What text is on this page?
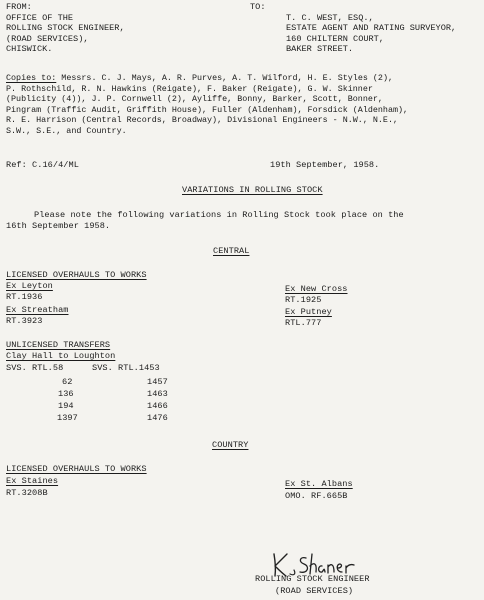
FROM:
OFFICE OF THE
ROLLING STOCK ENGINEER,
(ROAD SERVICES),
CHISWICK.
TO:
T. C. WEST, ESQ.,
ESTATE AGENT AND RATING SURVEYOR,
160 CHILTERN COURT,
BAKER STREET.
Copies to: Messrs. C. J. Mays, A. R. Purves, A. T. Wilford, H. E. Styles (2),
P. Rothschild, R. N. Hawkins (Reigate), F. Baker (Reigate), G. W. Skinner
(Publicity (4)), J. P. Cornwell (2), Ayliffe, Bonny, Barker, Scott, Bonner,
Pingram (Traffic Audit, Griffith House), Fuller (Aldenham), Forsdick (Aldenham),
R. E. Harrison (Central Records, Broadway), Divisional Engineers - N.W., N.E.,
S.W., S.E., and Country.
Ref: C.16/4/ML	19th September, 1958.
VARIATIONS IN ROLLING STOCK
Please note the following variations in Rolling Stock took place on the
16th September 1958.
CENTRAL
LICENSED OVERHAULS TO WORKS
Ex Leyton
RT.1936
Ex Streatham
RT.3923
Ex New Cross
RT.1925
Ex Putney
RTL.777
UNLICENSED TRANSFERS
Clay Hall to Loughton
SVS. RTL.58	SVS. RTL.1453
62
136
194
1397
1457
1463
1466
1476
COUNTRY
LICENSED OVERHAULS TO WORKS
Ex Staines
RT.3208B
Ex St. Albans
OMO. RF.665B
ROLLING STOCK ENGINEER
(ROAD SERVICES)
